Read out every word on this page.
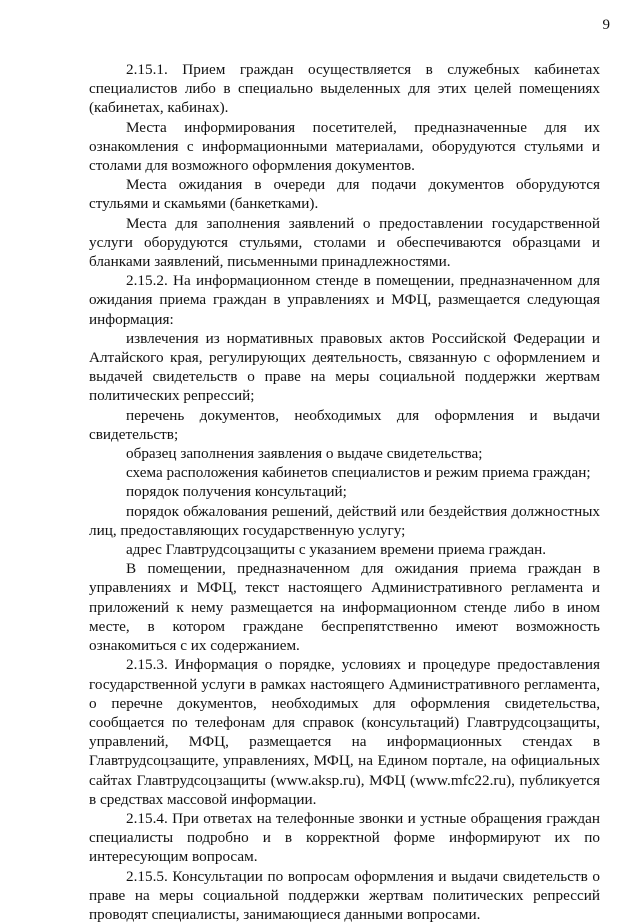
9

2.15.1. Прием граждан осуществляется в служебных кабинетах специалистов либо в специально выделенных для этих целей помещениях (кабинетах, кабинах).

Места информирования посетителей, предназначенные для их ознакомления с информационными материалами, оборудуются стульями и столами для возможного оформления документов.

Места ожидания в очереди для подачи документов оборудуются стульями и скамьями (банкетками).

Места для заполнения заявлений о предоставлении государственной услуги оборудуются стульями, столами и обеспечиваются образцами и бланками заявлений, письменными принадлежностями.

2.15.2. На информационном стенде в помещении, предназначенном для ожидания приема граждан в управлениях и МФЦ, размещается следующая информация:

извлечения из нормативных правовых актов Российской Федерации и Алтайского края, регулирующих деятельность, связанную с оформлением и выдачей свидетельств о праве на меры социальной поддержки жертвам политических репрессий;

перечень документов, необходимых для оформления и выдачи свидетельств;

образец заполнения заявления о выдаче свидетельства;

схема расположения кабинетов специалистов и режим приема граждан;

порядок получения консультаций;

порядок обжалования решений, действий или бездействия должностных лиц, предоставляющих государственную услугу;

адрес Главтрудсоцзащиты с указанием времени приема граждан.

В помещении, предназначенном для ожидания приема граждан в управлениях и МФЦ, текст настоящего Административного регламента и приложений к нему размещается на информационном стенде либо в ином месте, в котором граждане беспрепятственно имеют возможность ознакомиться с их содержанием.

2.15.3. Информация о порядке, условиях и процедуре предоставления государственной услуги в рамках настоящего Административного регламента, о перечне документов, необходимых для оформления свидетельства, сообщается по телефонам для справок (консультаций) Главтрудсоцзащиты, управлений, МФЦ, размещается на информационных стендах в Главтрудсоцзащите, управлениях, МФЦ, на Едином портале, на официальных сайтах Главтрудсоцзащиты (www.aksp.ru), МФЦ (www.mfc22.ru), публикуется в средствах массовой информации.

2.15.4. При ответах на телефонные звонки и устные обращения граждан специалисты подробно и в корректной форме информируют их по интересующим вопросам.

2.15.5. Консультации по вопросам оформления и выдачи свидетельств о праве на меры социальной поддержки жертвам политических репрессий проводят специалисты, занимающиеся данными вопросами.
